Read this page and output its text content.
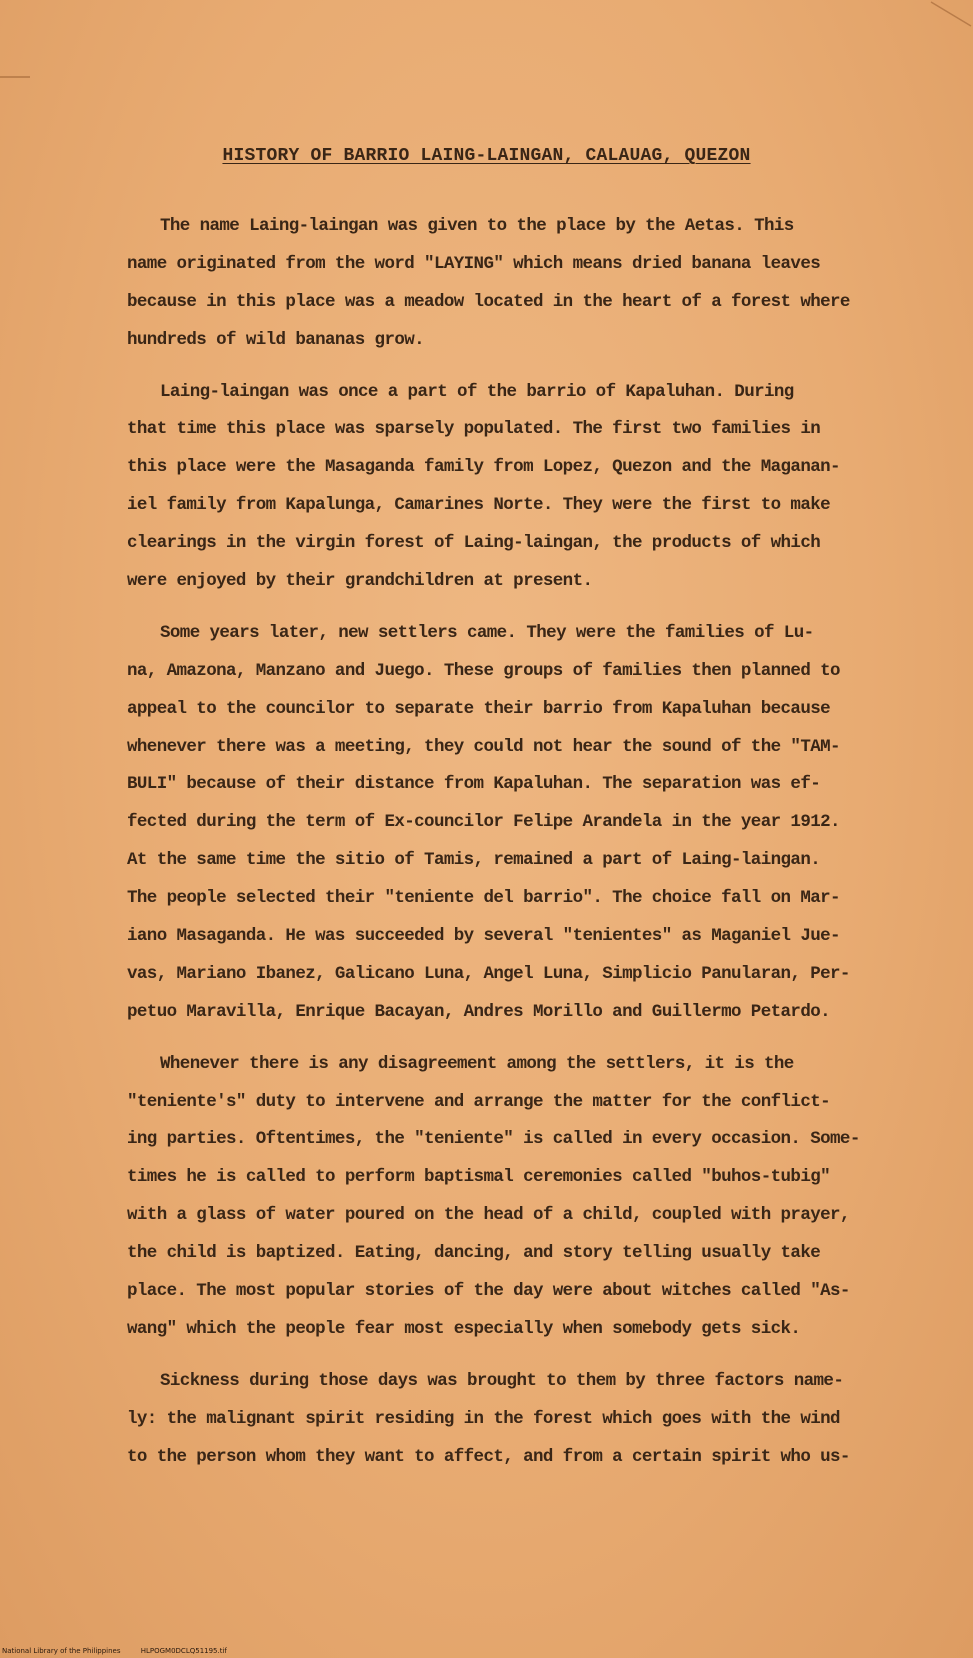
HISTORY OF BARRIO LAING-LAINGAN, CALAUAG, QUEZON

The name Laing-laingan was given to the place by the Aetas. This
name originated from the word "LAYING" which means dried banana leaves
because in this place was a meadow located in the heart of a forest where
hundreds of wild bananas grow.

Laing-laingan was once a part of the barrio of Kapaluhan. During
that time this place was sparsely populated. The first two families in
this place were the Masaganda family from Lopez, Quezon and the Maganan-
iel family from Kapalunga, Camarines Norte. They were the first to make
clearings in the virgin forest of Laing-laingan, the products of which
were enjoyed by their grandchildren at present.

Some years later, new settlers came. They were the families of Lu-
na, Amazona, Manzano and Juego. These groups of families then planned to
appeal to the councilor to separate their barrio from Kapaluhan because
whenever there was a meeting, they could not hear the sound of the "TAM-
BULI" because of their distance from Kapaluhan. The separation was ef-
fected during the term of Ex-councilor Felipe Arandela in the year 1912.
At the same time the sitio of Tamis, remained a part of Laing-laingan.
The people selected their "teniente del barrio". The choice fall on Mar-
iano Masaganda. He was succeeded by several "tenientes" as Maganiel Jue-
vas, Mariano Ibanez, Galicano Luna, Angel Luna, Simplicio Panularan, Per-
petuo Maravilla, Enrique Bacayan, Andres Morillo and Guillermo Petardo.

Whenever there is any disagreement among the settlers, it is the
"teniente's" duty to intervene and arrange the matter for the conflict-
ing parties. Oftentimes, the "teniente" is called in every occasion. Some-
times he is called to perform baptismal ceremonies called "buhos-tubig"
with a glass of water poured on the head of a child, coupled with prayer,
the child is baptized. Eating, dancing, and story telling usually take
place. The most popular stories of the day were about witches called "As-
wang" which the people fear most especially when somebody gets sick.

Sickness during those days was brought to them by three factors name-
ly: the malignant spirit residing in the forest which goes with the wind
to the person whom they want to affect, and from a certain spirit who us-

National Library of the Philippines	HLPOGM0DCLQ51195.tif
